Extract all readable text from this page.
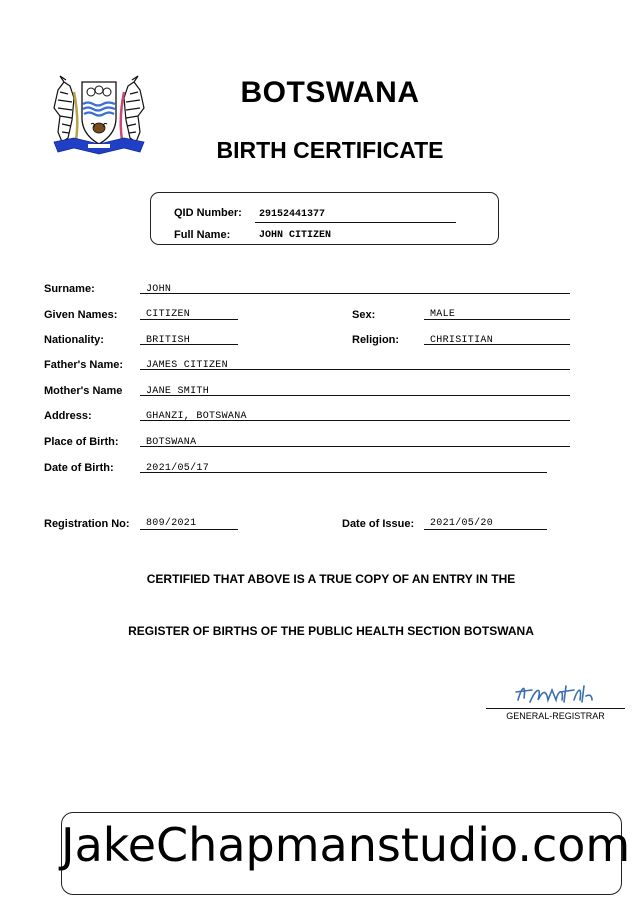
BOTSWANA
BIRTH CERTIFICATE
QID Number: 29152441377
Full Name:	JOHN CITIZEN
Surname:	JOHN
Given Names:	CITIZEN	Sex:	MALE
Nationality:	BRITISH	Religion:	CHRISITIAN
Father's Name: JAMES CITIZEN
Mother's Name JANE SMITH
Address:	GHANZI, BOTSWANA
Place of Birth:	BOTSWANA
Date of Birth:	2021/05/17
Registration No: 809/2021	Date of Issue: 2021/05/20
CERTIFIED THAT ABOVE IS A TRUE COPY OF AN ENTRY IN THE
REGISTER OF BIRTHS OF THE PUBLIC HEALTH SECTION BOTSWANA
GENERAL-REGISTRAR
JakeChapmanstudio.com
